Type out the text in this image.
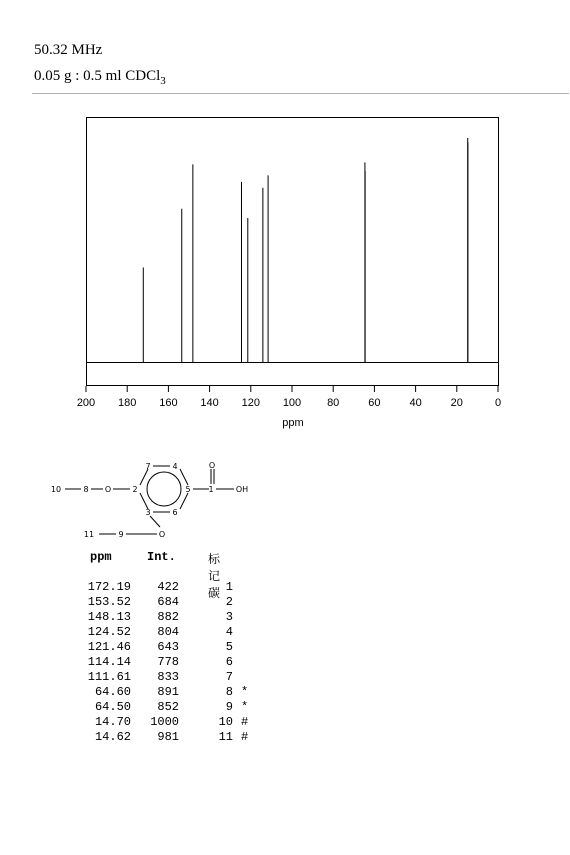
50.32 MHz
0.05 g : 0.5 ml CDCl$_3$
200 180 160 140 120 100 80	60	40	20	0
ppm
1
2
3
4
5
6
7
8
9
10
11
O
O
O
OH
ppm	Int.	标记碳
172.19 422	1
153.52 684	2
148.13 882	3
124.52 804	4
121.46 643	5
114.14 778	6
111.61 833	7
64.60 891	8 *
64.50 852	9 *
14.70 1000	10 #
14.62 981	11 #
